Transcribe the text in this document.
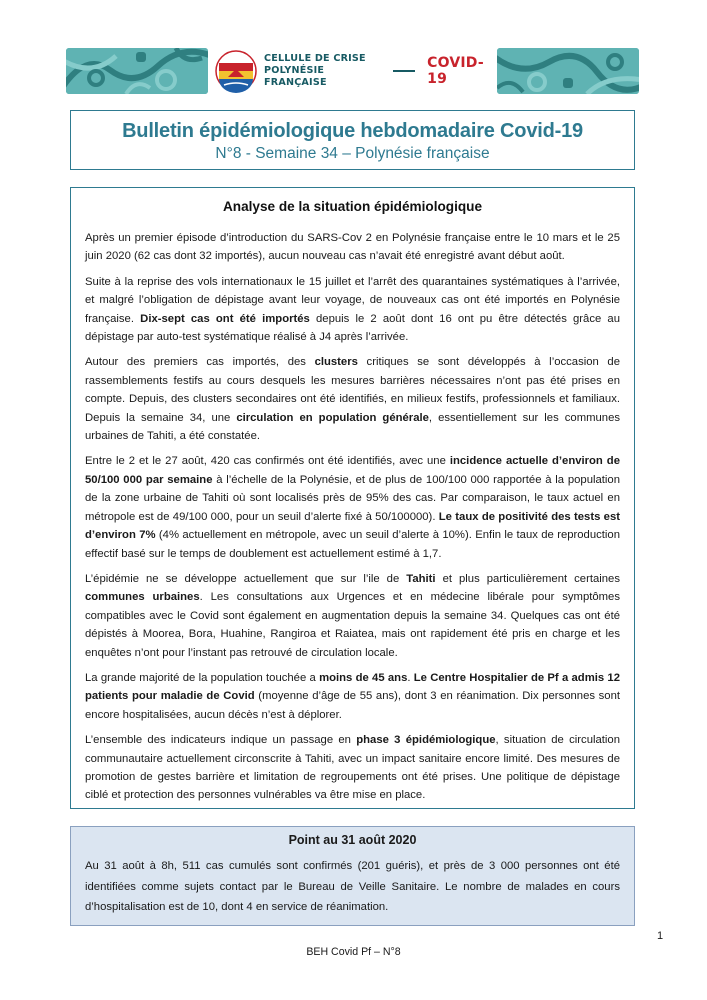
CELLULE DE CRISE
POLYNÉSIE FRANÇAISE
COVID-19
Bulletin épidémiologique hebdomadaire Covid-19
N°8 - Semaine 34 – Polynésie française
Analyse de la situation épidémiologique

Après un premier épisode d’introduction du SARS-Cov 2 en Polynésie française entre le 10 mars et le 25 juin 2020 (62 cas dont 32 importés), aucun nouveau cas n’avait été enregistré avant début août.

Suite à la reprise des vols internationaux le 15 juillet et l’arrêt des quarantaines systématiques à l’arrivée, et malgré l’obligation de dépistage avant leur voyage, de nouveaux cas ont été importés en Polynésie française. Dix-sept cas ont été importés depuis le 2 août dont 16 ont pu être détectés grâce au dépistage par auto-test systématique réalisé à J4 après l’arrivée.

Autour des premiers cas importés, des clusters critiques se sont développés à l’occasion de rassemblements festifs au cours desquels les mesures barrières nécessaires n’ont pas été prises en compte. Depuis, des clusters secondaires ont été identifiés, en milieux festifs, professionnels et familiaux. Depuis la semaine 34, une circulation en population générale, essentiellement sur les communes urbaines de Tahiti, a été constatée.

Entre le 2 et le 27 août, 420 cas confirmés ont été identifiés, avec une incidence actuelle d’environ de 50/100 000 par semaine à l’échelle de la Polynésie, et de plus de 100/100 000 rapportée à la population de la zone urbaine de Tahiti où sont localisés près de 95% des cas. Par comparaison, le taux actuel en métropole est de 49/100 000, pour un seuil d’alerte fixé à 50/100000). Le taux de positivité des tests est d’environ 7% (4% actuellement en métropole, avec un seuil d’alerte à 10%). Enfin le taux de reproduction effectif basé sur le temps de doublement est actuellement estimé à 1,7.

L’épidémie ne se développe actuellement que sur l’ile de Tahiti et plus particulièrement certaines communes urbaines. Les consultations aux Urgences et en médecine libérale pour symptômes compatibles avec le Covid sont également en augmentation depuis la semaine 34. Quelques cas ont été dépistés à Moorea, Bora, Huahine, Rangiroa et Raiatea, mais ont rapidement été pris en charge et les enquêtes n’ont pour l’instant pas retrouvé de circulation locale.

La grande majorité de la population touchée a moins de 45 ans. Le Centre Hospitalier de Pf a admis 12 patients pour maladie de Covid (moyenne d’âge de 55 ans), dont 3 en réanimation. Dix personnes sont encore hospitalisées, aucun décès n’est à déplorer.

L’ensemble des indicateurs indique un passage en phase 3 épidémiologique, situation de circulation communautaire actuellement circonscrite à Tahiti, avec un impact sanitaire encore limité. Des mesures de promotion de gestes barrière et limitation de regroupements ont été prises. Une politique de dépistage ciblé et protection des personnes vulnérables va être mise en place.

Point au 31 août 2020

Au 31 août à 8h, 511 cas cumulés sont confirmés (201 guéris), et près de 3 000 personnes ont été identifiées comme sujets contact par le Bureau de Veille Sanitaire. Le nombre de malades en cours d’hospitalisation est de 10, dont 4 en service de réanimation.

1
BEH Covid Pf – N°8
